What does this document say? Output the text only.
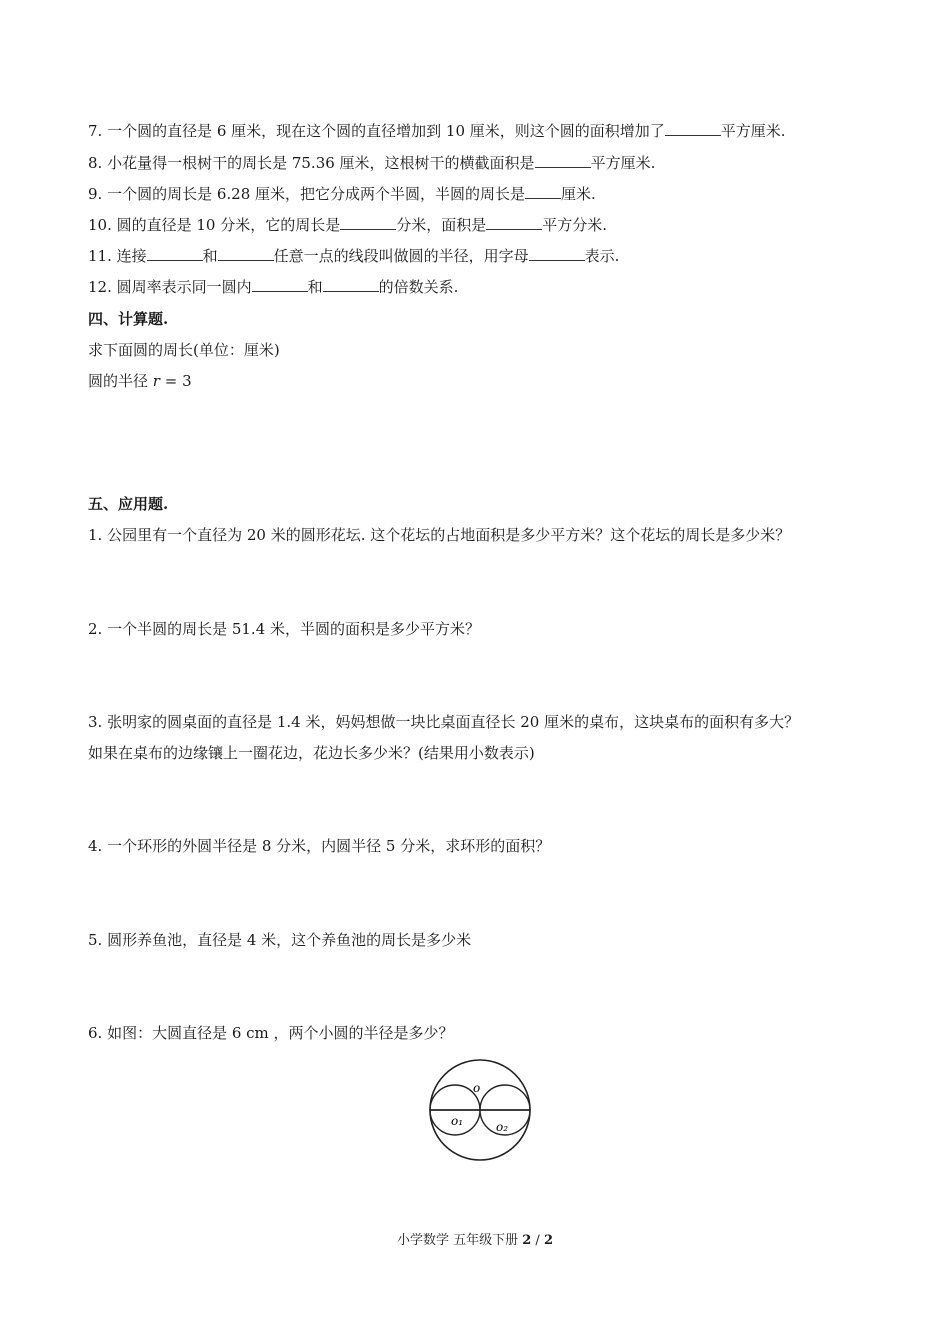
7. 一个圆的直径是 6 厘米，现在这个圆的直径增加到 10 厘米，则这个圆的面积增加了	平方厘米.
8. 小花量得一根树干的周长是 75.36 厘米，这根树干的横截面积是	平方厘米.
9. 一个圆的周长是 6.28 厘米，把它分成两个半圆，半圆的周长是 厘米.
10. 圆的直径是 10 分米，它的周长是	分米，面积是	平方分米.
11. 连接	和	任意一点的线段叫做圆的半径，用字母	表示.
12. 圆周率表示同一圆内	和	的倍数关系.
四、计算题.
求下面圆的周长(单位：厘米)
圆的半径 r = 3
五、应用题.
1. 公园里有一个直径为 20 米的圆形花坛. 这个花坛的占地面积是多少平方米？这个花坛的周长是多少米？
2. 一个半圆的周长是 51.4 米，半圆的面积是多少平方米？
3. 张明家的圆桌面的直径是 1.4 米，妈妈想做一块比桌面直径长 20 厘米的桌布，这块桌布的面积有多大？
如果在桌布的边缘镶上一圈花边，花边长多少米？(结果用小数表示)
4. 一个环形的外圆半径是 8 分米，内圆半径 5 分米，求环形的面积？
5. 圆形养鱼池，直径是 4 米，这个养鱼池的周长是多少米
6. 如图：大圆直径是 6 cm ，两个小圆的半径是多少？
o
o₁	o₂
小学数学 五年级下册 2 / 2
